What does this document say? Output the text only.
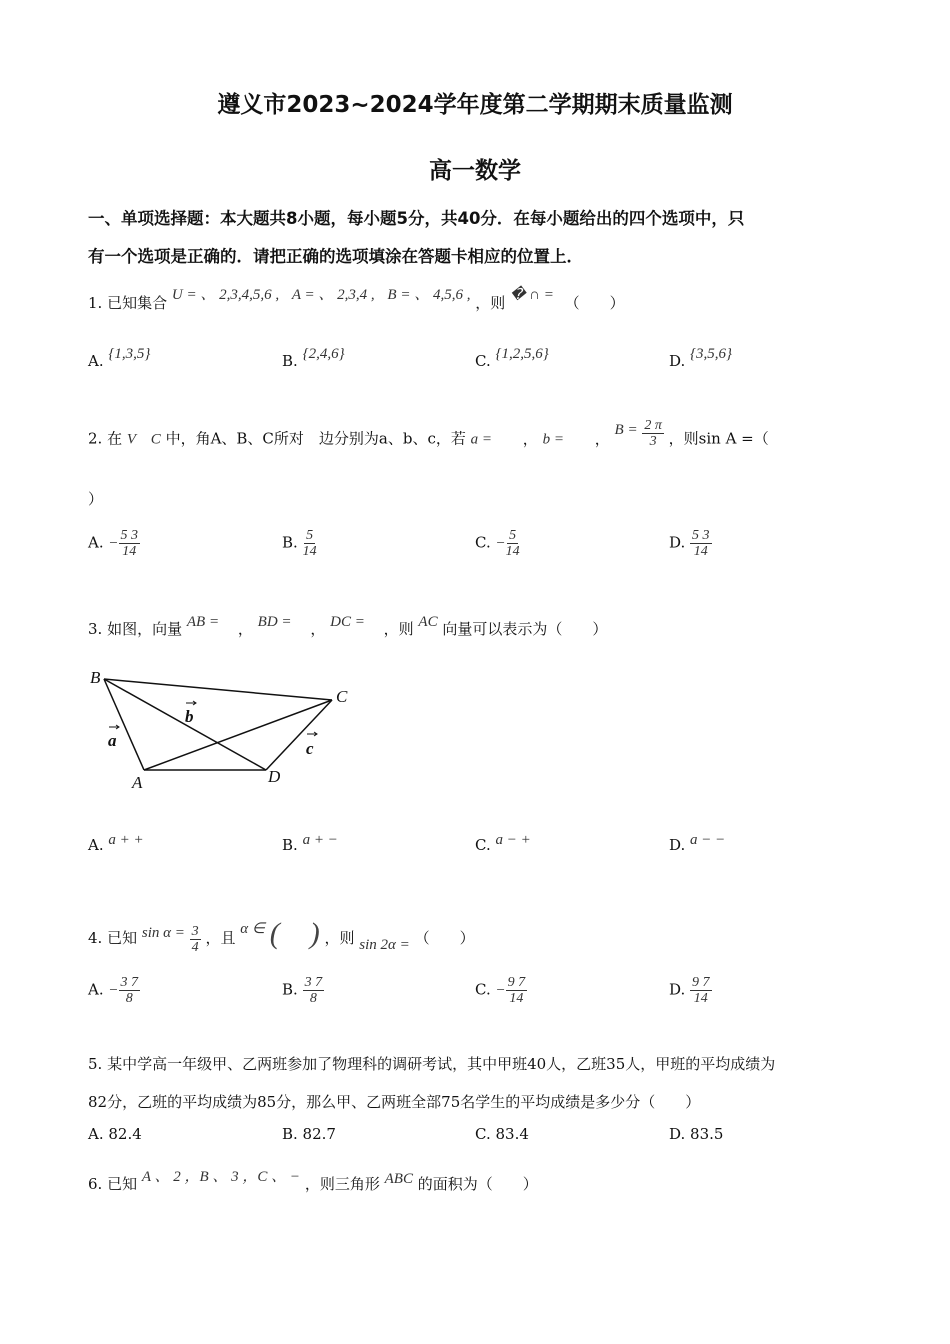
遵义市2023~2024学年度第二学期期末质量监测
高一数学
一、单项选择题：本大题共8小题，每小题5分，共40分．在每小题给出的四个选项中，只
有一个选项是正确的．请把正确的选项填涂在答题卡相应的位置上．
1. 已知集合 U = 、 2,3,4,5,6 , A = 、 2,3,4 , B = 、 4,5,6 , ，则 � ∩ = （　　）
A. {1,3,5}	B. {2,4,6}	C. {1,2,5,6}	D. {3,5,6}
2. 在 V　C 中，角A、B、C所对　边分别为a、b、c，若 a = ， b = ， $B = \frac{2 \pi}{3}$ ，则sin A =（
）
A. − $\frac{5 3}{14}$	B. $\frac{5}{14}$	C. − $\frac{5}{14}$	D. $\frac{5 3}{14}$
3. 如图，向量 AB = ， BD = ， DC = ，则 AC 向量可以表示为（　　）
B
C
A	D
a
b
c
A. a + +	B. a + −	C. a − +	D. a − −
4. 已知 $\sin \alpha = \frac{3}{4}$ ，且 α ∈ (　) ，则 sin 2α = （　　）
A. − $\frac{3 7}{8}$	B. $\frac{3 7}{8}$	C. − $\frac{9 7}{14}$	D. $\frac{9 7}{14}$
5. 某中学高一年级甲、乙两班参加了物理科的调研考试，其中甲班40人，乙班35人，甲班的平均成绩为
82分，乙班的平均成绩为85分，那么甲、乙两班全部75名学生的平均成绩是多少分（　　）
A. 82.4	B. 82.7	C. 83.4	D. 83.5
6. 已知 A 、 2 ，B 、 3 ，C 、 − ，则三角形 ABC 的面积为（　　）
